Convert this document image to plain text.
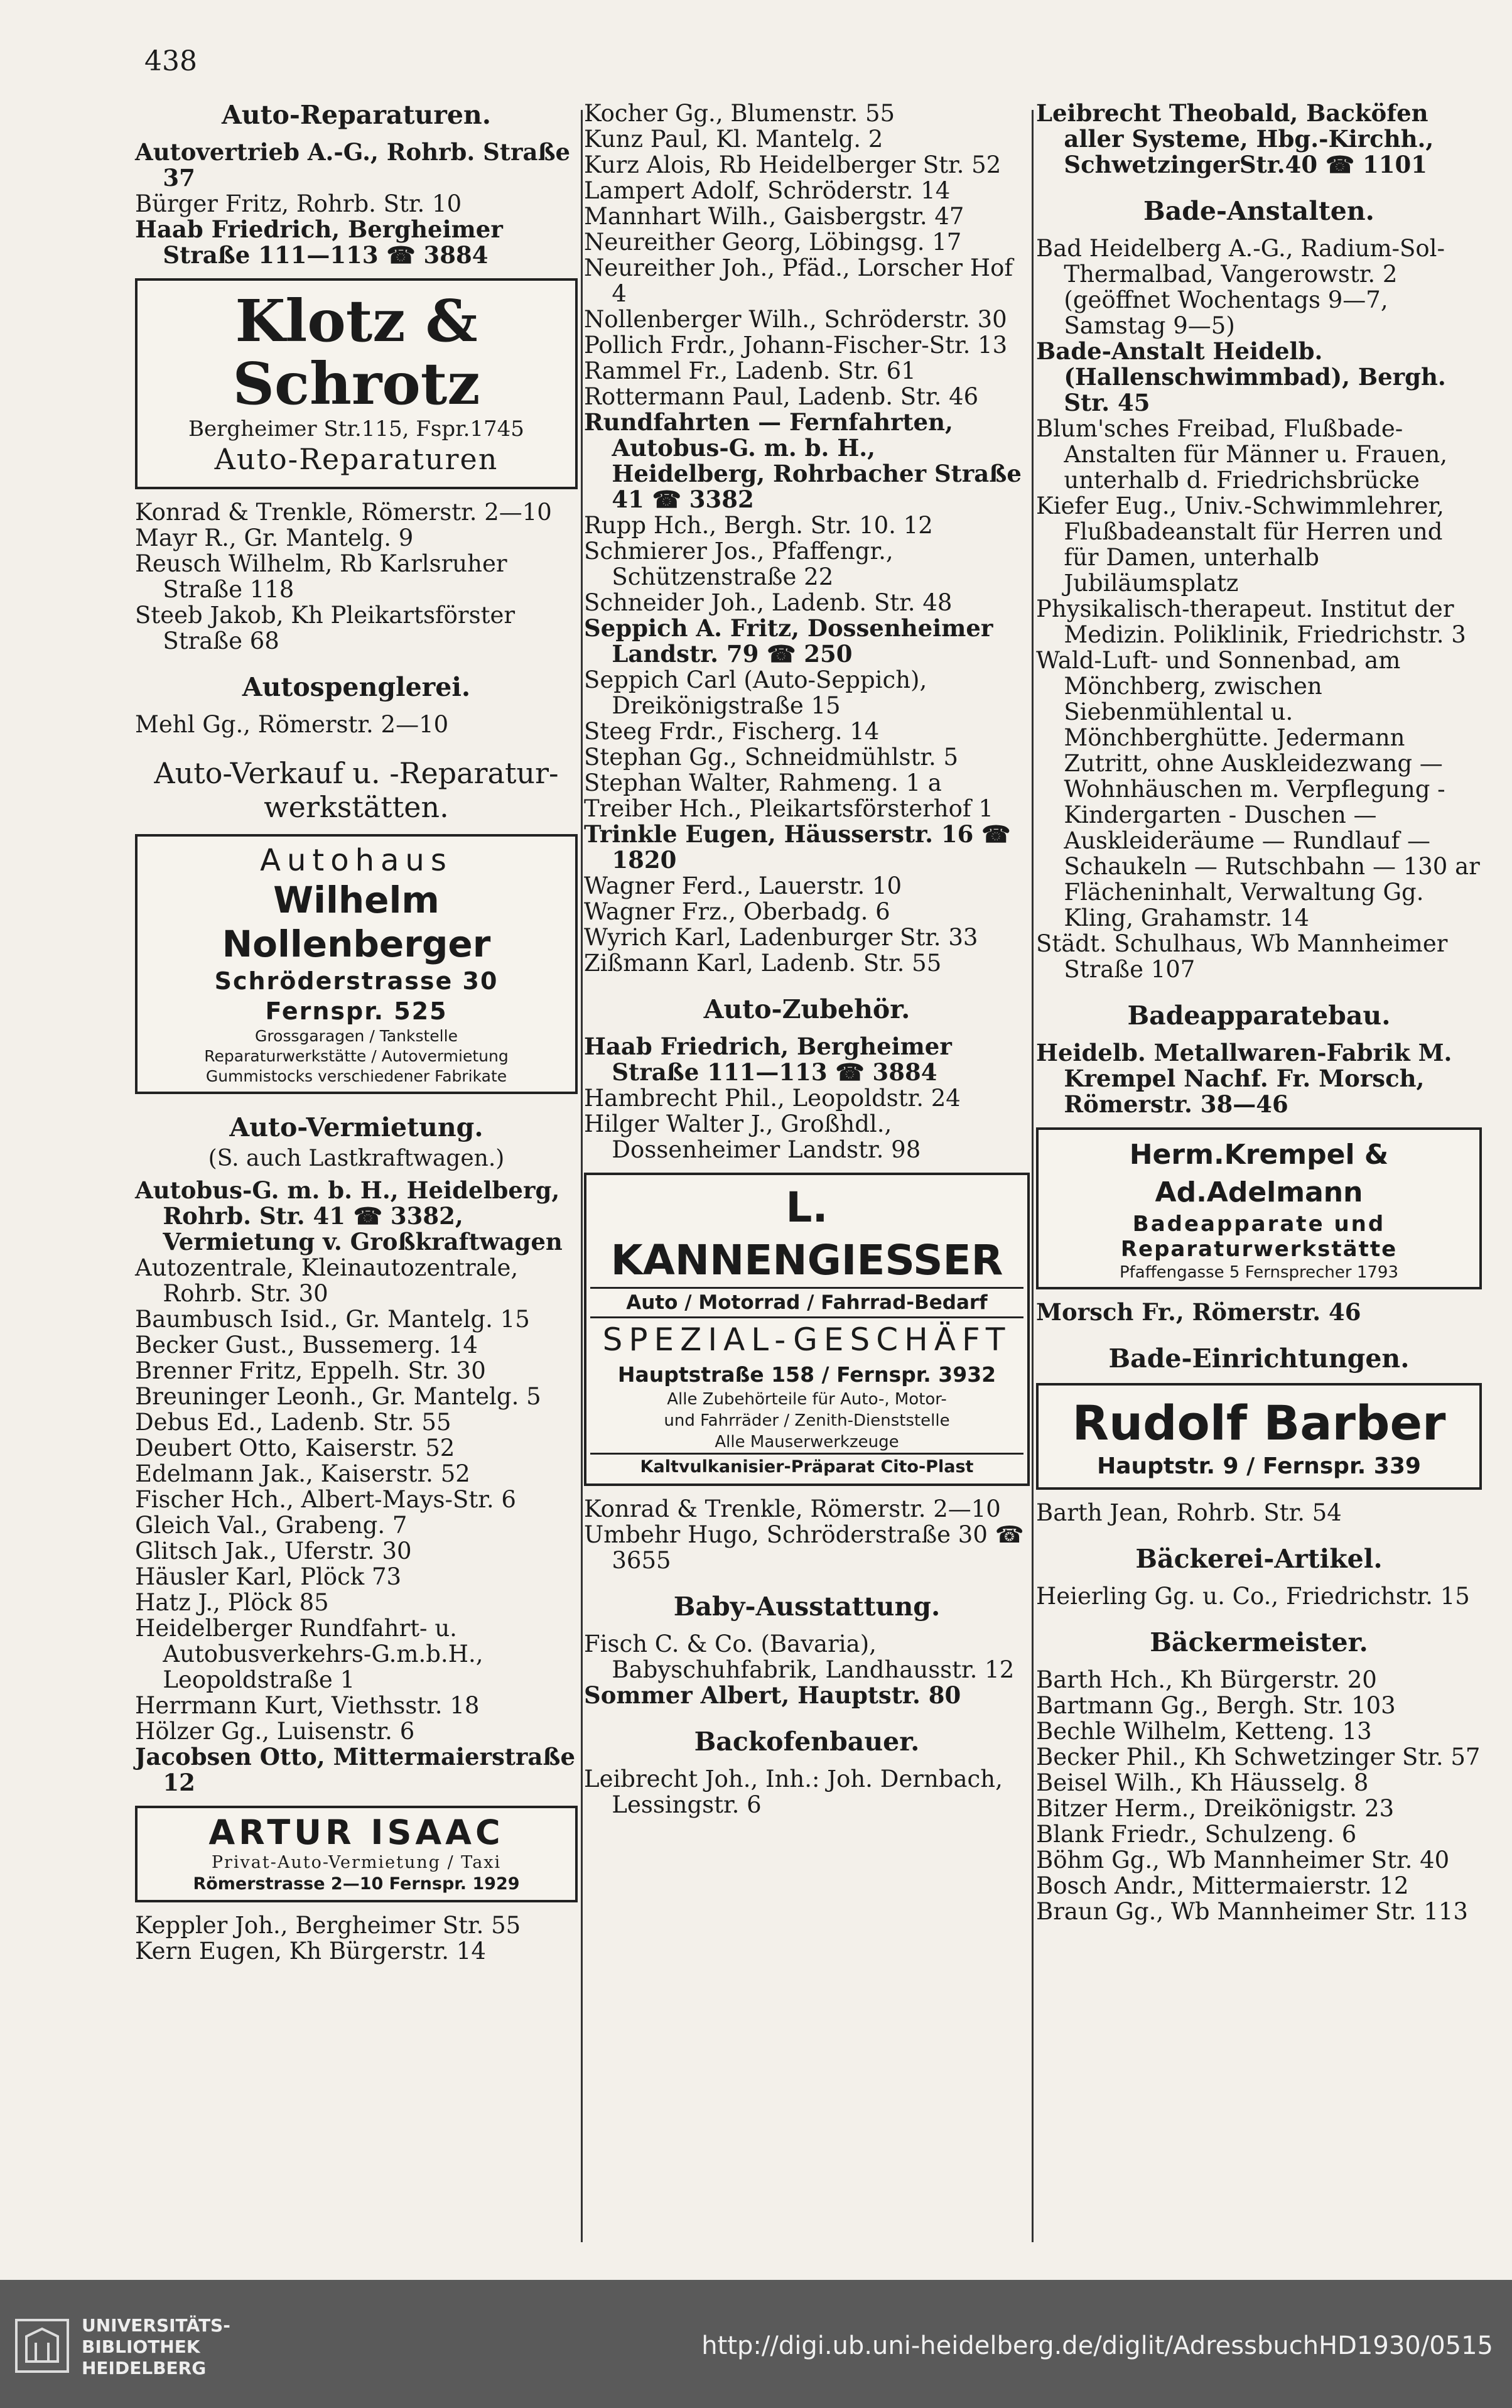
438
Auto-Reparaturen.

Autovertrieb A.-G., Rohrb. Straße 37

Bürger Fritz, Rohrb. Str. 10

Haab Friedrich, Bergheimer Straße 111—113 ☎ 3884

Klotz & Schrotz
Bergheimer Str.115, Fspr.1745
Auto-Reparaturen

Konrad & Trenkle, Römerstr. 2—10

Mayr R., Gr. Mantelg. 9

Reusch Wilhelm, Rb Karlsruher Straße 118

Steeb Jakob, Kh Pleikartsförster Straße 68

Autospenglerei.

Mehl Gg., Römerstr. 2—10

Auto-Verkauf u. -Reparatur-werkstätten.
Autohaus
Wilhelm Nollenberger
Schröderstrasse 30
Fernspr. 525
Grossgaragen / Tankstelle
Reparaturwerkstätte / Autovermietung
Gummistocks verschiedener Fabrikate
Auto-Vermietung.
(S. auch Lastkraftwagen.)

Autobus-G. m. b. H., Heidelberg, Rohrb. Str. 41 ☎ 3382, Vermietung v. Großkraftwagen

Autozentrale, Kleinautozentrale, Rohrb. Str. 30

Baumbusch Isid., Gr. Mantelg. 15

Becker Gust., Bussemerg. 14

Brenner Fritz, Eppelh. Str. 30

Breuninger Leonh., Gr. Mantelg. 5

Debus Ed., Ladenb. Str. 55

Deubert Otto, Kaiserstr. 52

Edelmann Jak., Kaiserstr. 52

Fischer Hch., Albert-Mays-Str. 6

Gleich Val., Grabeng. 7

Glitsch Jak., Uferstr. 30

Häusler Karl, Plöck 73

Hatz J., Plöck 85

Heidelberger Rundfahrt- u. Autobusverkehrs-G.m.b.H., Leopoldstraße 1

Herrmann Kurt, Viethsstr. 18

Hölzer Gg., Luisenstr. 6

Jacobsen Otto, Mittermaierstraße 12

ARTUR ISAAC
Privat-Auto-Vermietung / Taxi
Römerstrasse 2—10 Fernspr. 1929

Keppler Joh., Bergheimer Str. 55

Kern Eugen, Kh Bürgerstr. 14

Kocher Gg., Blumenstr. 55

Kunz Paul, Kl. Mantelg. 2

Kurz Alois, Rb Heidelberger Str. 52

Lampert Adolf, Schröderstr. 14

Mannhart Wilh., Gaisbergstr. 47

Neureither Georg, Löbingsg. 17

Neureither Joh., Pfäd., Lorscher Hof 4

Nollenberger Wilh., Schröderstr. 30

Pollich Frdr., Johann-Fischer-Str. 13

Rammel Fr., Ladenb. Str. 61

Rottermann Paul, Ladenb. Str. 46

Rundfahrten — Fernfahrten, Autobus-G. m. b. H., Heidelberg, Rohrbacher Straße 41 ☎ 3382

Rupp Hch., Bergh. Str. 10. 12

Schmierer Jos., Pfaffengr., Schützenstraße 22

Schneider Joh., Ladenb. Str. 48

Seppich A. Fritz, Dossenheimer Landstr. 79 ☎ 250

Seppich Carl (Auto-Seppich), Dreikönigstraße 15

Steeg Frdr., Fischerg. 14

Stephan Gg., Schneidmühlstr. 5

Stephan Walter, Rahmeng. 1 a

Treiber Hch., Pleikartsförsterhof 1

Trinkle Eugen, Häusserstr. 16 ☎ 1820

Wagner Ferd., Lauerstr. 10

Wagner Frz., Oberbadg. 6

Wyrich Karl, Ladenburger Str. 33

Zißmann Karl, Ladenb. Str. 55

Auto-Zubehör.

Haab Friedrich, Bergheimer Straße 111—113 ☎ 3884

Hambrecht Phil., Leopoldstr. 24

Hilger Walter J., Großhdl., Dossenheimer Landstr. 98

L. KANNENGIESSER
Auto / Motorrad / Fahrrad-Bedarf
SPEZIAL-GESCHÄFT
Hauptstraße 158 / Fernspr. 3932
Alle Zubehörteile für Auto-, Motor-
und Fahrräder / Zenith-Dienststelle
Alle Mauserwerkzeuge
Kaltvulkanisier-Präparat Cito-Plast

Konrad & Trenkle, Römerstr. 2—10

Umbehr Hugo, Schröderstraße 30 ☎ 3655

Baby-Ausstattung.

Fisch C. & Co. (Bavaria), Babyschuhfabrik, Landhausstr. 12

Sommer Albert, Hauptstr. 80

Backofenbauer.

Leibrecht Joh., Inh.: Joh. Dernbach, Lessingstr. 6

Leibrecht Theobald, Backöfen aller Systeme, Hbg.-Kirchh., SchwetzingerStr.40 ☎ 1101

Bade-Anstalten.

Bad Heidelberg A.-G., Radium-Sol-Thermalbad, Vangerowstr. 2 (geöffnet Wochentags 9—7, Samstag 9—5)

Bade-Anstalt Heidelb. (Hallenschwimmbad), Bergh. Str. 45

Blum'sches Freibad, Flußbade-Anstalten für Männer u. Frauen, unterhalb d. Friedrichsbrücke

Kiefer Eug., Univ.-Schwimmlehrer, Flußbadeanstalt für Herren und für Damen, unterhalb Jubiläumsplatz

Physikalisch-therapeut. Institut der Medizin. Poliklinik, Friedrichstr. 3

Wald-Luft- und Sonnenbad, am Mönchberg, zwischen Siebenmühlental u. Mönchberghütte. Jedermann Zutritt, ohne Auskleidezwang — Wohnhäuschen m. Verpflegung - Kindergarten - Duschen — Auskleideräume — Rundlauf — Schaukeln — Rutschbahn — 130 ar Flächeninhalt, Verwaltung Gg. Kling, Grahamstr. 14

Städt. Schulhaus, Wb Mannheimer Straße 107

Badeapparatebau.

Heidelb. Metallwaren-Fabrik M. Krempel Nachf. Fr. Morsch, Römerstr. 38—46

Herm.Krempel & Ad.Adelmann
Badeapparate und
Reparaturwerkstätte
Pfaffengasse 5 Fernsprecher 1793

Morsch Fr., Römerstr. 46

Bade-Einrichtungen.
Rudolf Barber
Hauptstr. 9 / Fernspr. 339

Barth Jean, Rohrb. Str. 54

Bäckerei-Artikel.

Heierling Gg. u. Co., Friedrichstr. 15

Bäckermeister.

Barth Hch., Kh Bürgerstr. 20

Bartmann Gg., Bergh. Str. 103

Bechle Wilhelm, Ketteng. 13

Becker Phil., Kh Schwetzinger Str. 57

Beisel Wilh., Kh Häusselg. 8

Bitzer Herm., Dreikönigstr. 23

Blank Friedr., Schulzeng. 6

Böhm Gg., Wb Mannheimer Str. 40

Bosch Andr., Mittermaierstr. 12

Braun Gg., Wb Mannheimer Str. 113

UNIVERSITÄTS-
BIBLIOTHEK
HEIDELBERG
http://digi.ub.uni-heidelberg.de/diglit/AdressbuchHD1930/0515
